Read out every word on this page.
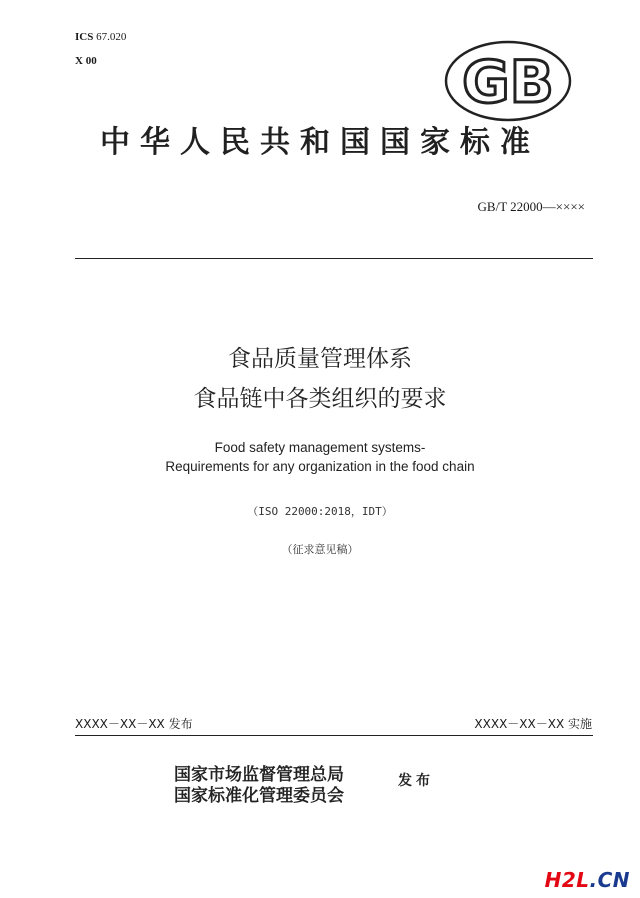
ICS 67.020
X 00	GB
中华人民共和国国家标准
GB/T 22000—××××
食品质量管理体系
食品链中各类组织的要求
Food safety management systems-
Requirements for any organization in the food chain
（ISO 22000:2018，IDT）
（征求意见稿）
XXXX－XX－XX 发布	XXXX－XX－XX 实施
国家市场监督管理总局
国家标准化管理委员会
发布
H2L.CN
